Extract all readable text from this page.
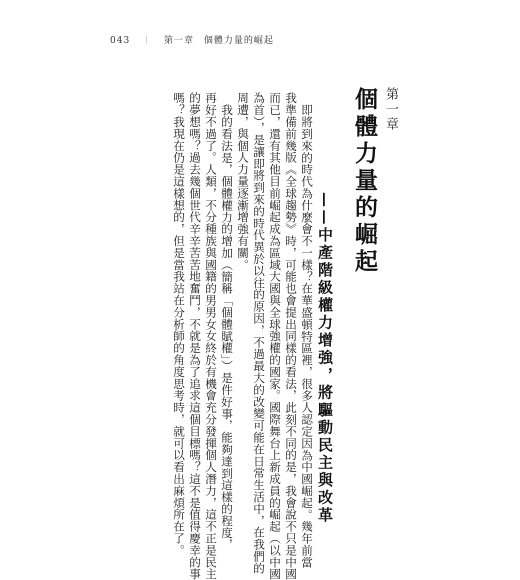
043 ︱ 第一章 個體力量的崛起
第一章
個體力量的崛起
——中產階級權力增強，將驅動民主與改革
即將到來的時代為什麼會不一樣？在華盛頓特區裡，很多人認定因為中國崛起。幾年前當
我準備前幾版《全球趨勢》時，可能也會提出同樣的看法，此刻不同的是，我會說不只是中國
而已，還有其他目前崛起成為區域大國與全球強權的國家。國際舞台上新成員的崛起（以中國
為首），是讓即將到來的時代異於以往的原因，不過最大的改變可能在日常生活中，在我們的
周遭，與個人力量逐漸增強有關。
我的看法是，個體權力的增加（簡稱「個體賦權」）是件好事，能夠達到這樣的程度，
再好不過了。人類，不分種族與國籍的男男女女終於有機會充分發揮個人潛力，這不正是民主
的夢想嗎？過去幾個世代辛辛苦苦地奮鬥，不就是為了追求這個目標嗎？這不是值得慶幸的事
嗎？我現在仍是這樣想的，但是當我站在分析師的角度思考時，就可以看出麻煩所在了。
